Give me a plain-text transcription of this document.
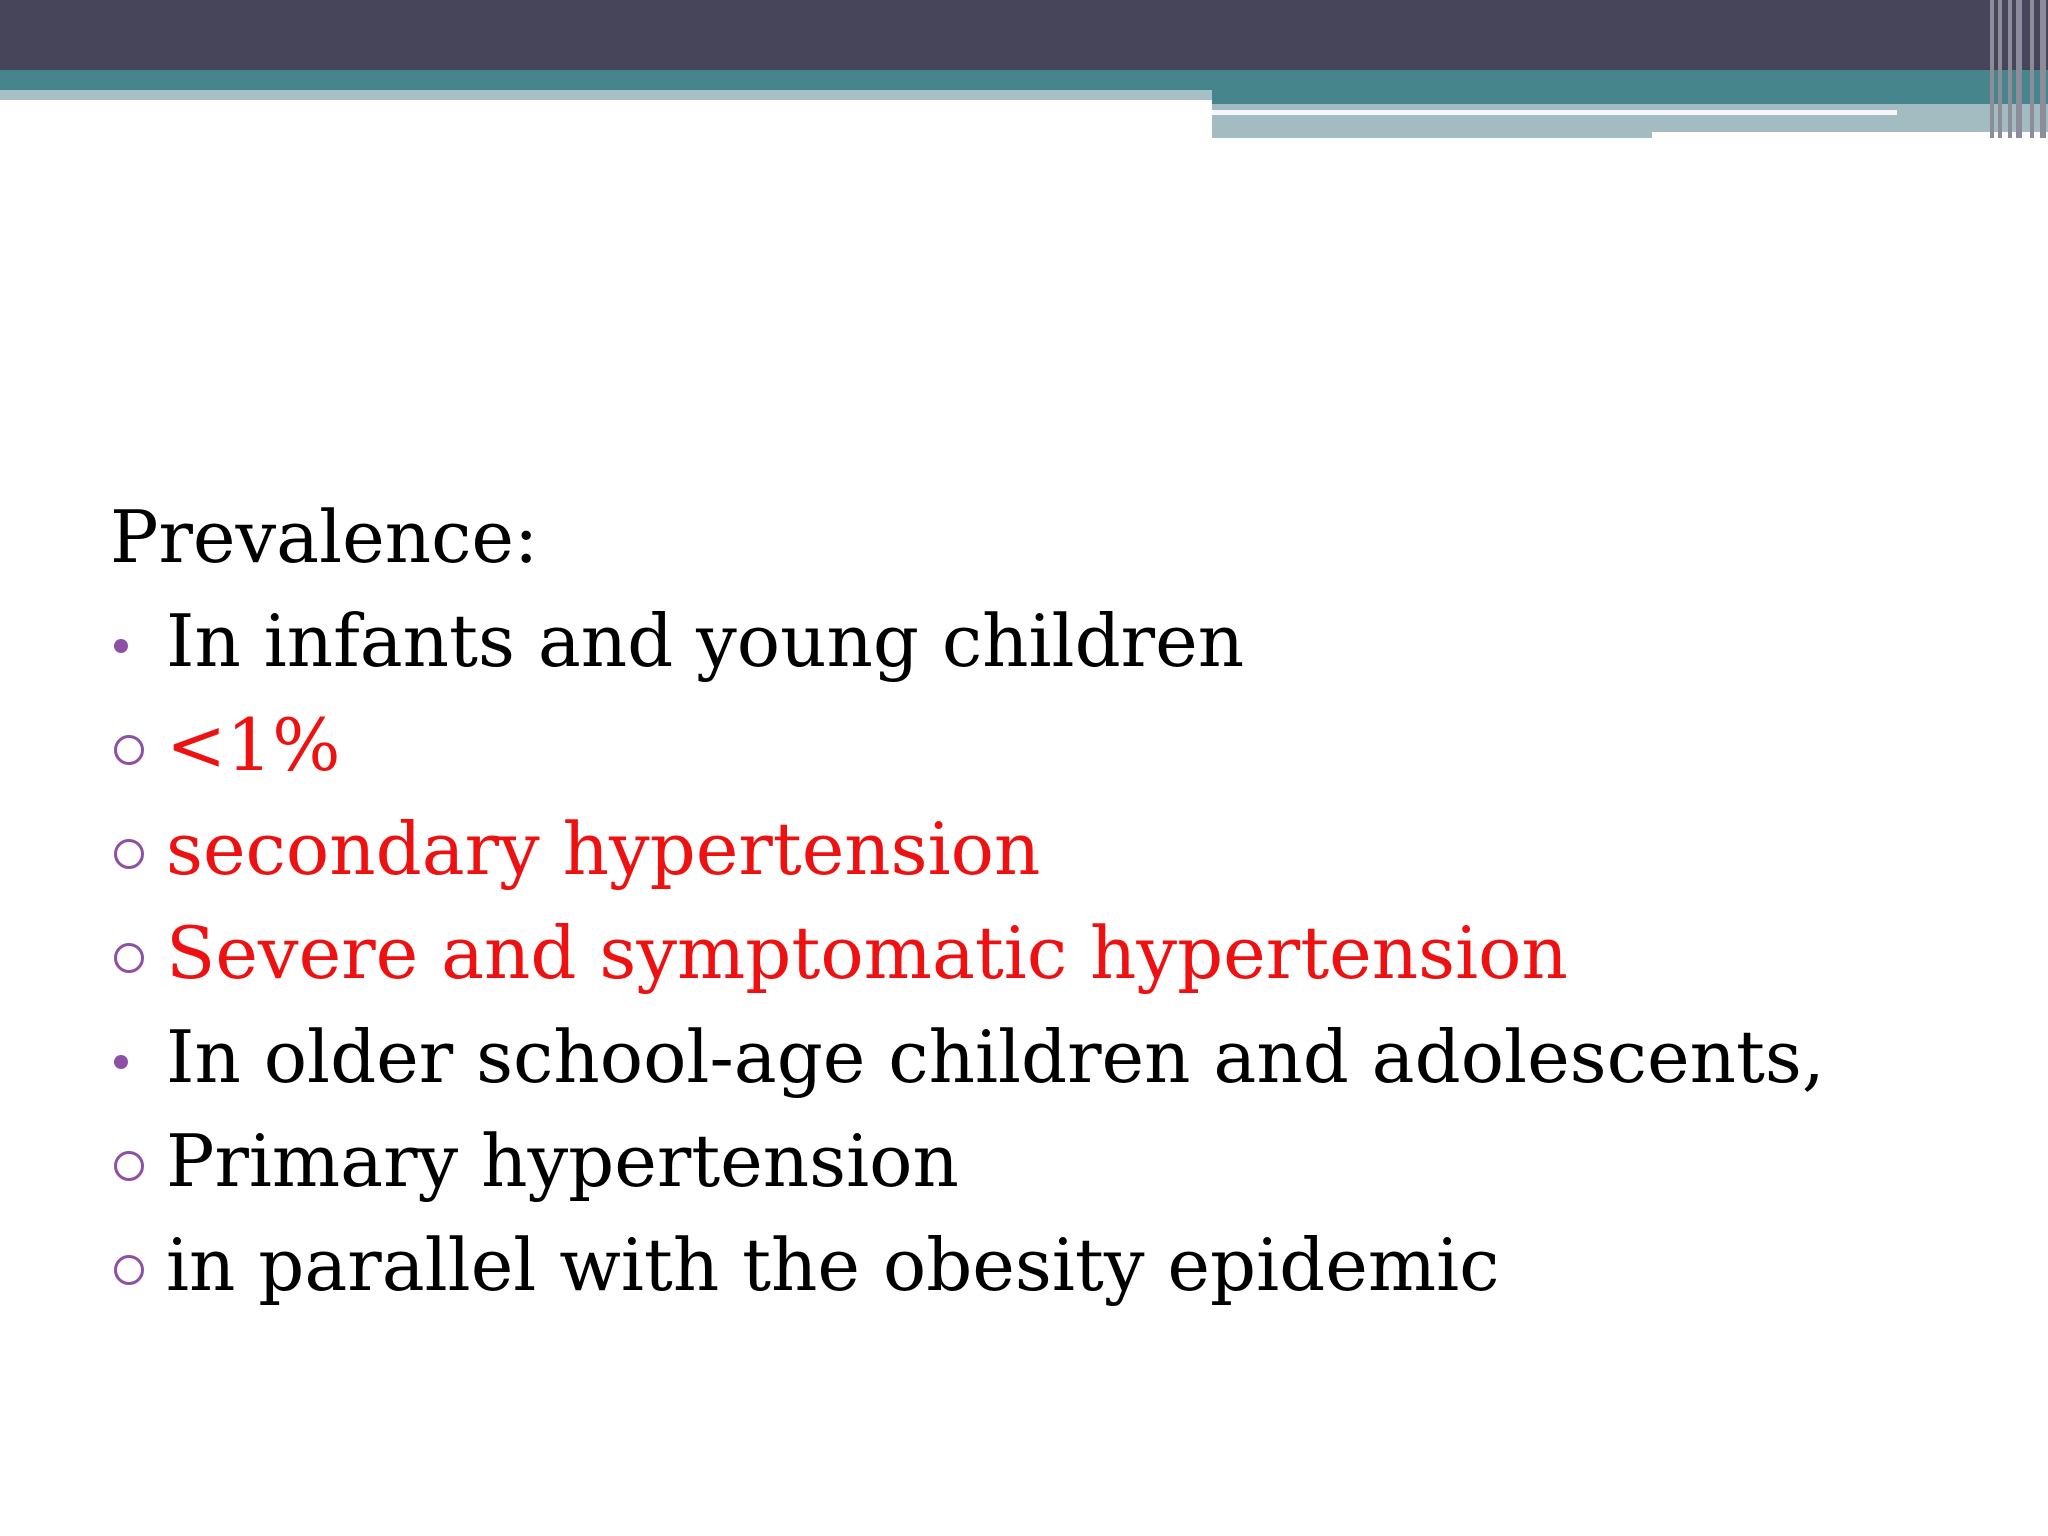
Prevalence:
In infants and young children
<1%
secondary hypertension
Severe and symptomatic hypertension
In older school-age children and adolescents,
Primary hypertension
in parallel with the obesity epidemic
